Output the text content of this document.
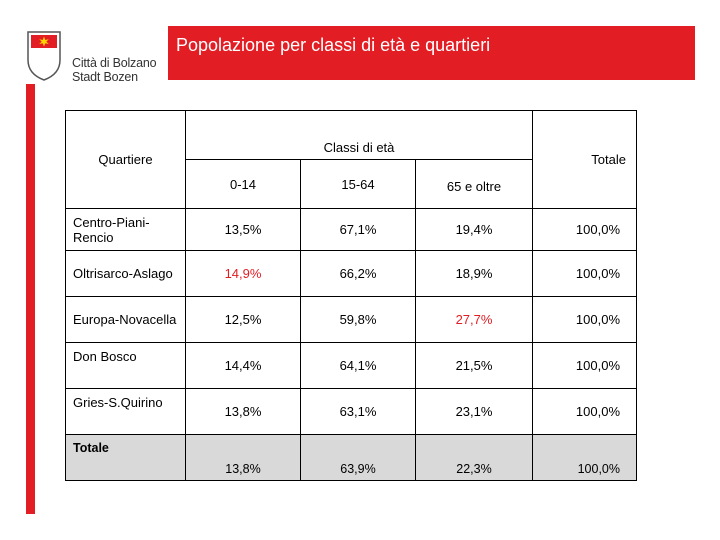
Città di Bolzano
Stadt Bozen
Popolazione per classi di età e quartieri
Quartiere	Classi di età			Totale
	0-14	15-64	65 e oltre	
Centro-Piani-Rencio	13,5%	67,1%	19,4%	100,0%
Oltrisarco-Aslago	14,9%	66,2%	18,9%	100,0%
Europa-Novacella	12,5%	59,8%	27,7%	100,0%
Don Bosco	14,4%	64,1%	21,5%	100,0%
Gries-S.Quirino	13,8%	63,1%	23,1%	100,0%
Totale	13,8%	63,9%	22,3%	100,0%
